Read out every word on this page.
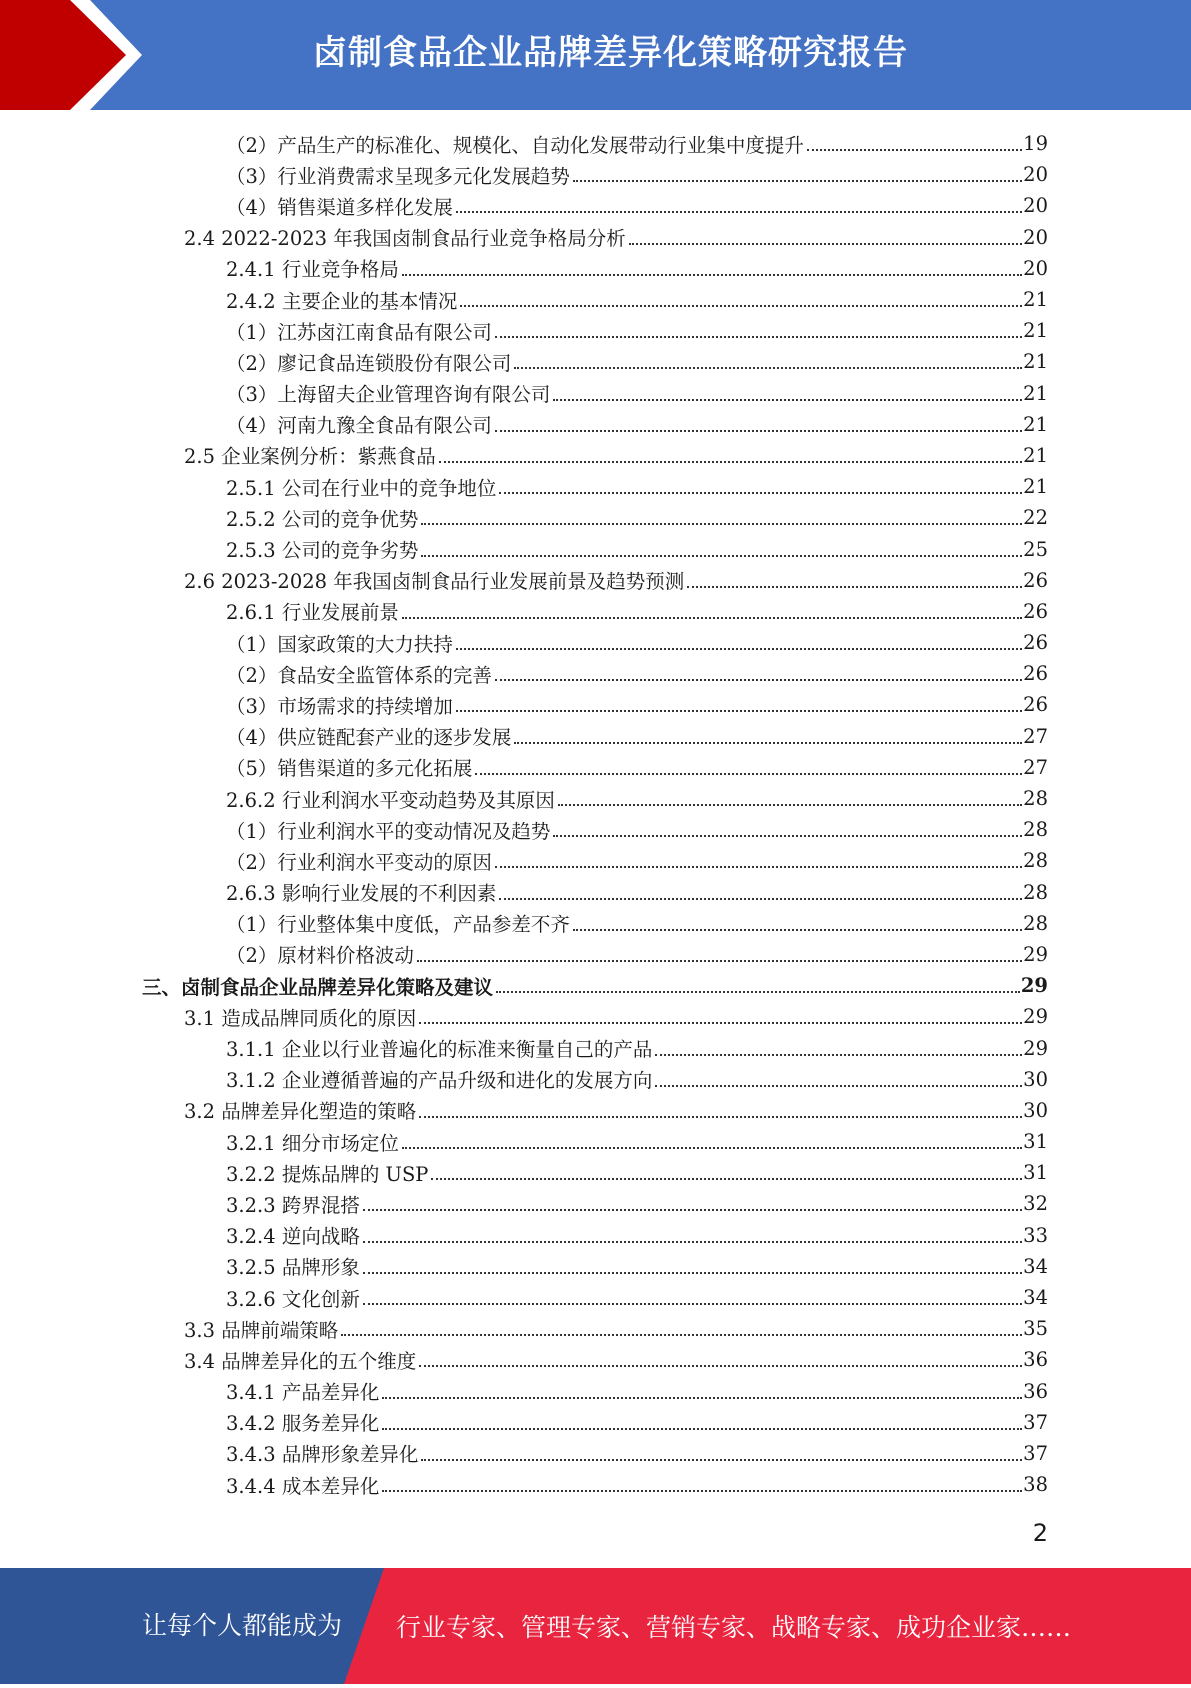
卤制食品企业品牌差异化策略研究报告
（2）产品生产的标准化、规模化、自动化发展带动行业集中度提升	19
（3）行业消费需求呈现多元化发展趋势	20
（4）销售渠道多样化发展	20
2.4 2022-2023 年我国卤制食品行业竞争格局分析	20
2.4.1 行业竞争格局	20
2.4.2 主要企业的基本情况	21
（1）江苏卤江南食品有限公司	21
（2）廖记食品连锁股份有限公司	21
（3）上海留夫企业管理咨询有限公司	21
（4）河南九豫全食品有限公司	21
2.5 企业案例分析：紫燕食品	21
2.5.1 公司在行业中的竞争地位	21
2.5.2 公司的竞争优势	22
2.5.3 公司的竞争劣势	25
2.6 2023-2028 年我国卤制食品行业发展前景及趋势预测	26
2.6.1 行业发展前景	26
（1）国家政策的大力扶持	26
（2）食品安全监管体系的完善	26
（3）市场需求的持续增加	26
（4）供应链配套产业的逐步发展	27
（5）销售渠道的多元化拓展	27
2.6.2 行业利润水平变动趋势及其原因	28
（1）行业利润水平的变动情况及趋势	28
（2）行业利润水平变动的原因	28
2.6.3 影响行业发展的不利因素	28
（1）行业整体集中度低，产品参差不齐	28
（2）原材料价格波动	29
三、卤制食品企业品牌差异化策略及建议	29
3.1 造成品牌同质化的原因	29
3.1.1 企业以行业普遍化的标准来衡量自己的产品	29
3.1.2 企业遵循普遍的产品升级和进化的发展方向	30
3.2 品牌差异化塑造的策略	30
3.2.1 细分市场定位	31
3.2.2 提炼品牌的 USP	31
3.2.3 跨界混搭	32
3.2.4 逆向战略	33
3.2.5 品牌形象	34
3.2.6 文化创新	34
3.3 品牌前端策略	35
3.4 品牌差异化的五个维度	36
3.4.1 产品差异化	36
3.4.2 服务差异化	37
3.4.3 品牌形象差异化	37
3.4.4 成本差异化	38
2
让每个人都能成为 行业专家、管理专家、营销专家、战略专家、成功企业家……
